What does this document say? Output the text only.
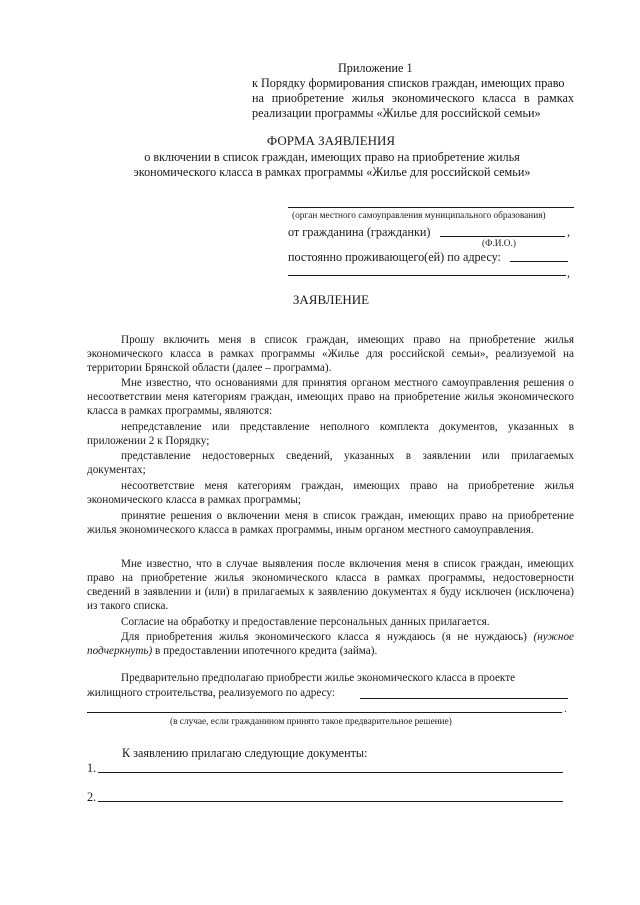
Приложение 1
к Порядку формирования списков граждан, имеющих право
на приобретение жилья экономического класса в рамках
реализации программы «Жилье для российской семьи»
ФОРМА ЗАЯВЛЕНИЯ
о включении в список граждан, имеющих право на приобретение жилья
экономического класса в рамках программы «Жилье для российской семьи»
(орган местного самоуправления муниципального образования)
от гражданина (гражданки)	,
(Ф.И.О.)
постоянно проживающего(ей) по адресу:
,
ЗАЯВЛЕНИЕ

Прошу включить меня в список граждан, имеющих право на приобретение жилья экономического класса в рамках программы «Жилье для российской семьи», реализуемой на территории Брянской области (далее – программа).

Мне известно, что основаниями для принятия органом местного самоуправления решения о несоответствии меня категориям граждан, имеющих право на приобретение жилья экономического класса в рамках программы, являются:

непредставление или представление неполного комплекта документов, указанных в приложении 2 к Порядку;

представление недостоверных сведений, указанных в заявлении или прилагаемых документах;

несоответствие меня категориям граждан, имеющих право на приобретение жилья экономического класса в рамках программы;

принятие решения о включении меня в список граждан, имеющих право на приобретение жилья экономического класса в рамках программы, иным органом местного самоуправления.

Мне известно, что в случае выявления после включения меня в список граждан, имеющих право на приобретение жилья экономического класса в рамках программы, недостоверности сведений в заявлении и (или) в прилагаемых к заявлению документах я буду исключен (исключена) из такого списка.

Согласие на обработку и предоставление персональных данных прилагается.

Для приобретения жилья экономического класса я нуждаюсь (я не нуждаюсь) (нужное подчеркнуть) в предоставлении ипотечного кредита (займа).

Предварительно предполагаю приобрести жилье экономического класса в проекте

жилищного строительства, реализуемого по адресу:
.
(в случае, если гражданином принято такое предварительное решение)
К заявлению прилагаю следующие документы:
1.
2.
